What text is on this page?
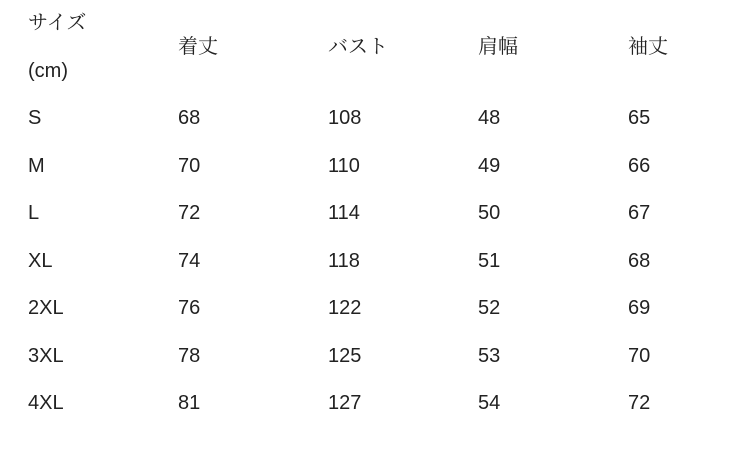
サイズ
(cm)	着丈	バスト	肩幅	袖丈
S	68	108	48	65
M	70	110	49	66
L	72	114	50	67
XL	74	118	51	68
2XL	76	122	52	69
3XL	78	125	53	70
4XL	81	127	54	72
